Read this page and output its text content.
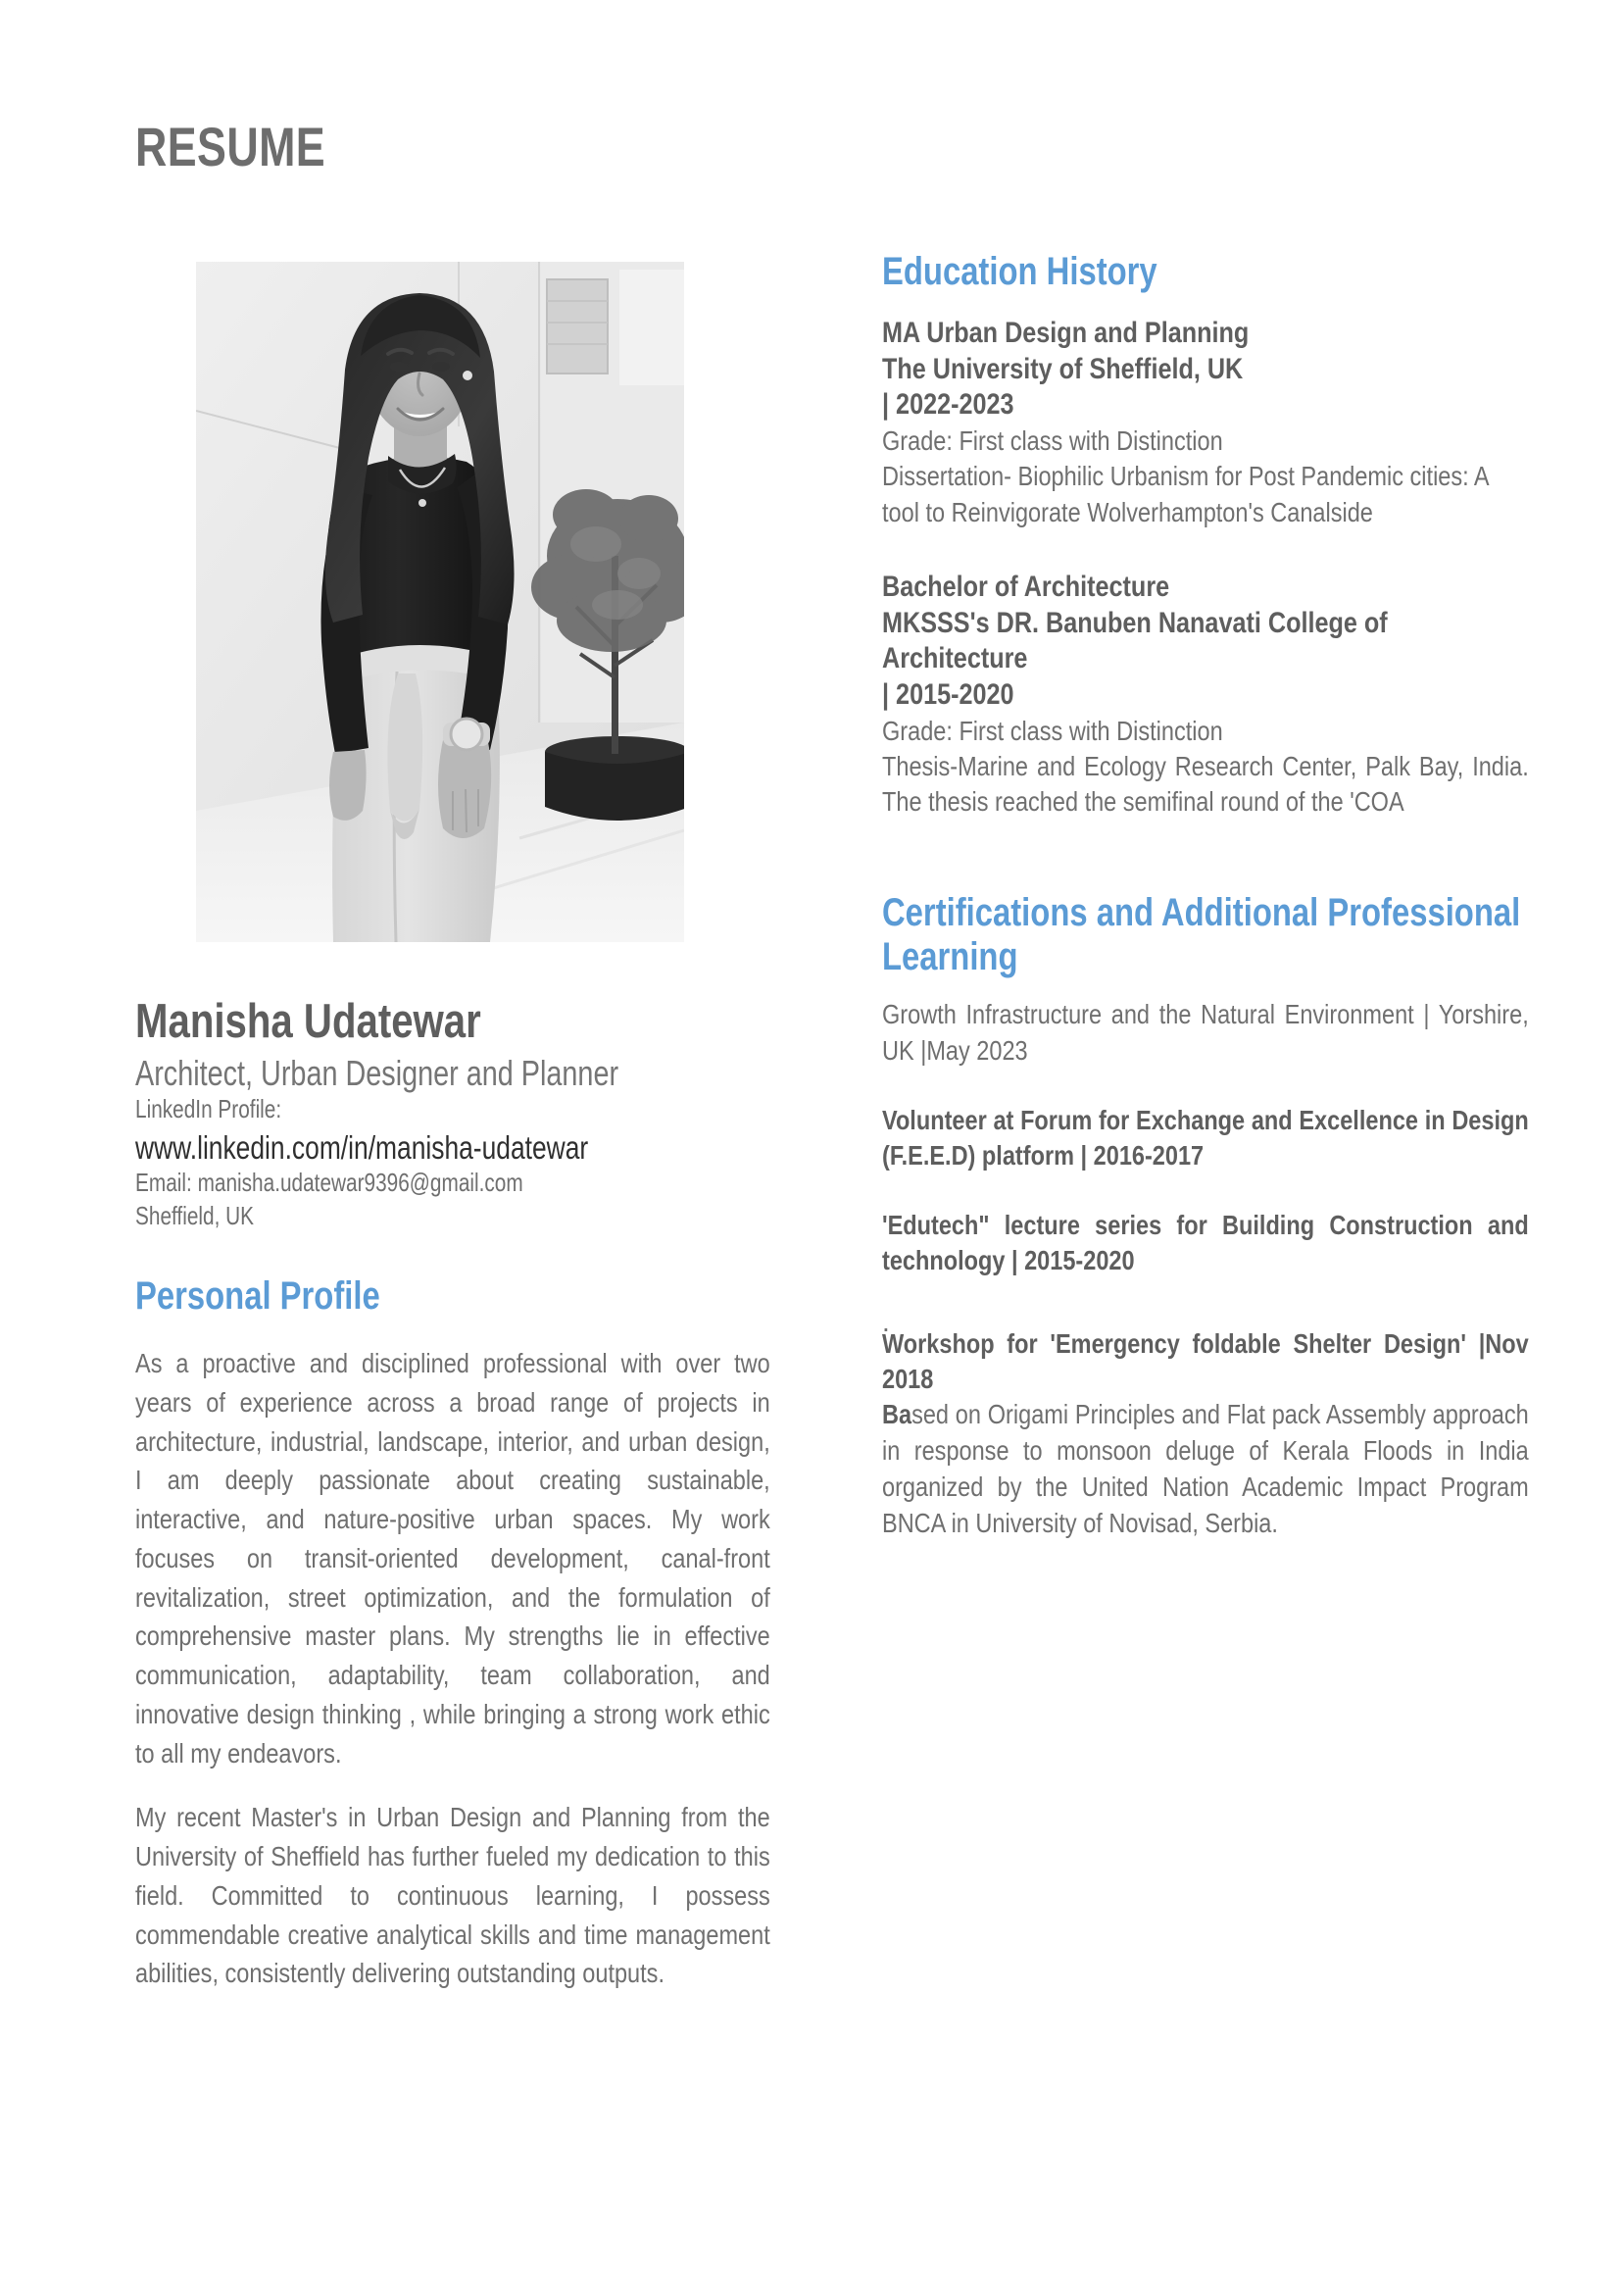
RESUME
Manisha Udatewar
Architect, Urban Designer and Planner
LinkedIn Profile:
www.linkedin.com/in/manisha-udatewar
Email: manisha.udatewar9396@gmail.com
Sheffield, UK
Personal Profile
As a proactive and disciplined professional with over two years of experience across a broad range of projects in architecture, industrial, landscape, interior, and urban design, I am deeply passionate about creating sustainable, interactive, and nature-positive urban spaces. My work focuses on transit-oriented development, canal-front revitalization, street optimization, and the formulation of comprehensive master plans. My strengths lie in effective communication, adaptability, team collaboration, and innovative design thinking , while bringing a strong work ethic to all my endeavors.
My recent Master's in Urban Design and Planning from the University of Sheffield has further fueled my dedication to this field. Committed to continuous learning, I possess commendable creative analytical skills and time management abilities, consistently delivering outstanding outputs.
Education History
MA Urban Design and Planning
The University of Sheffield, UK
| 2022-2023
Grade: First class with Distinction
Dissertation- Biophilic Urbanism for Post Pandemic cities: A tool to Reinvigorate Wolverhampton's Canalside
Bachelor of Architecture
MKSSS's DR. Banuben Nanavati College of Architecture
| 2015-2020
Grade: First class with Distinction
Thesis-Marine and Ecology Research Center, Palk Bay, India. The thesis reached the semifinal round of the 'COA
Certifications and Additional Professional Learning
Growth Infrastructure and the Natural Environment | Yorshire, UK |May 2023
Volunteer at Forum for Exchange and Excellence in Design (F.E.E.D) platform | 2016-2017
'Edutech" lecture series for Building Construction and technology | 2015-2020
.
Workshop for 'Emergency foldable Shelter Design' |Nov 2018
Based on Origami Principles and Flat pack Assembly approach in response to monsoon deluge of Kerala Floods in India organized by the United Nation Academic Impact Program BNCA in University of Novisad, Serbia.
